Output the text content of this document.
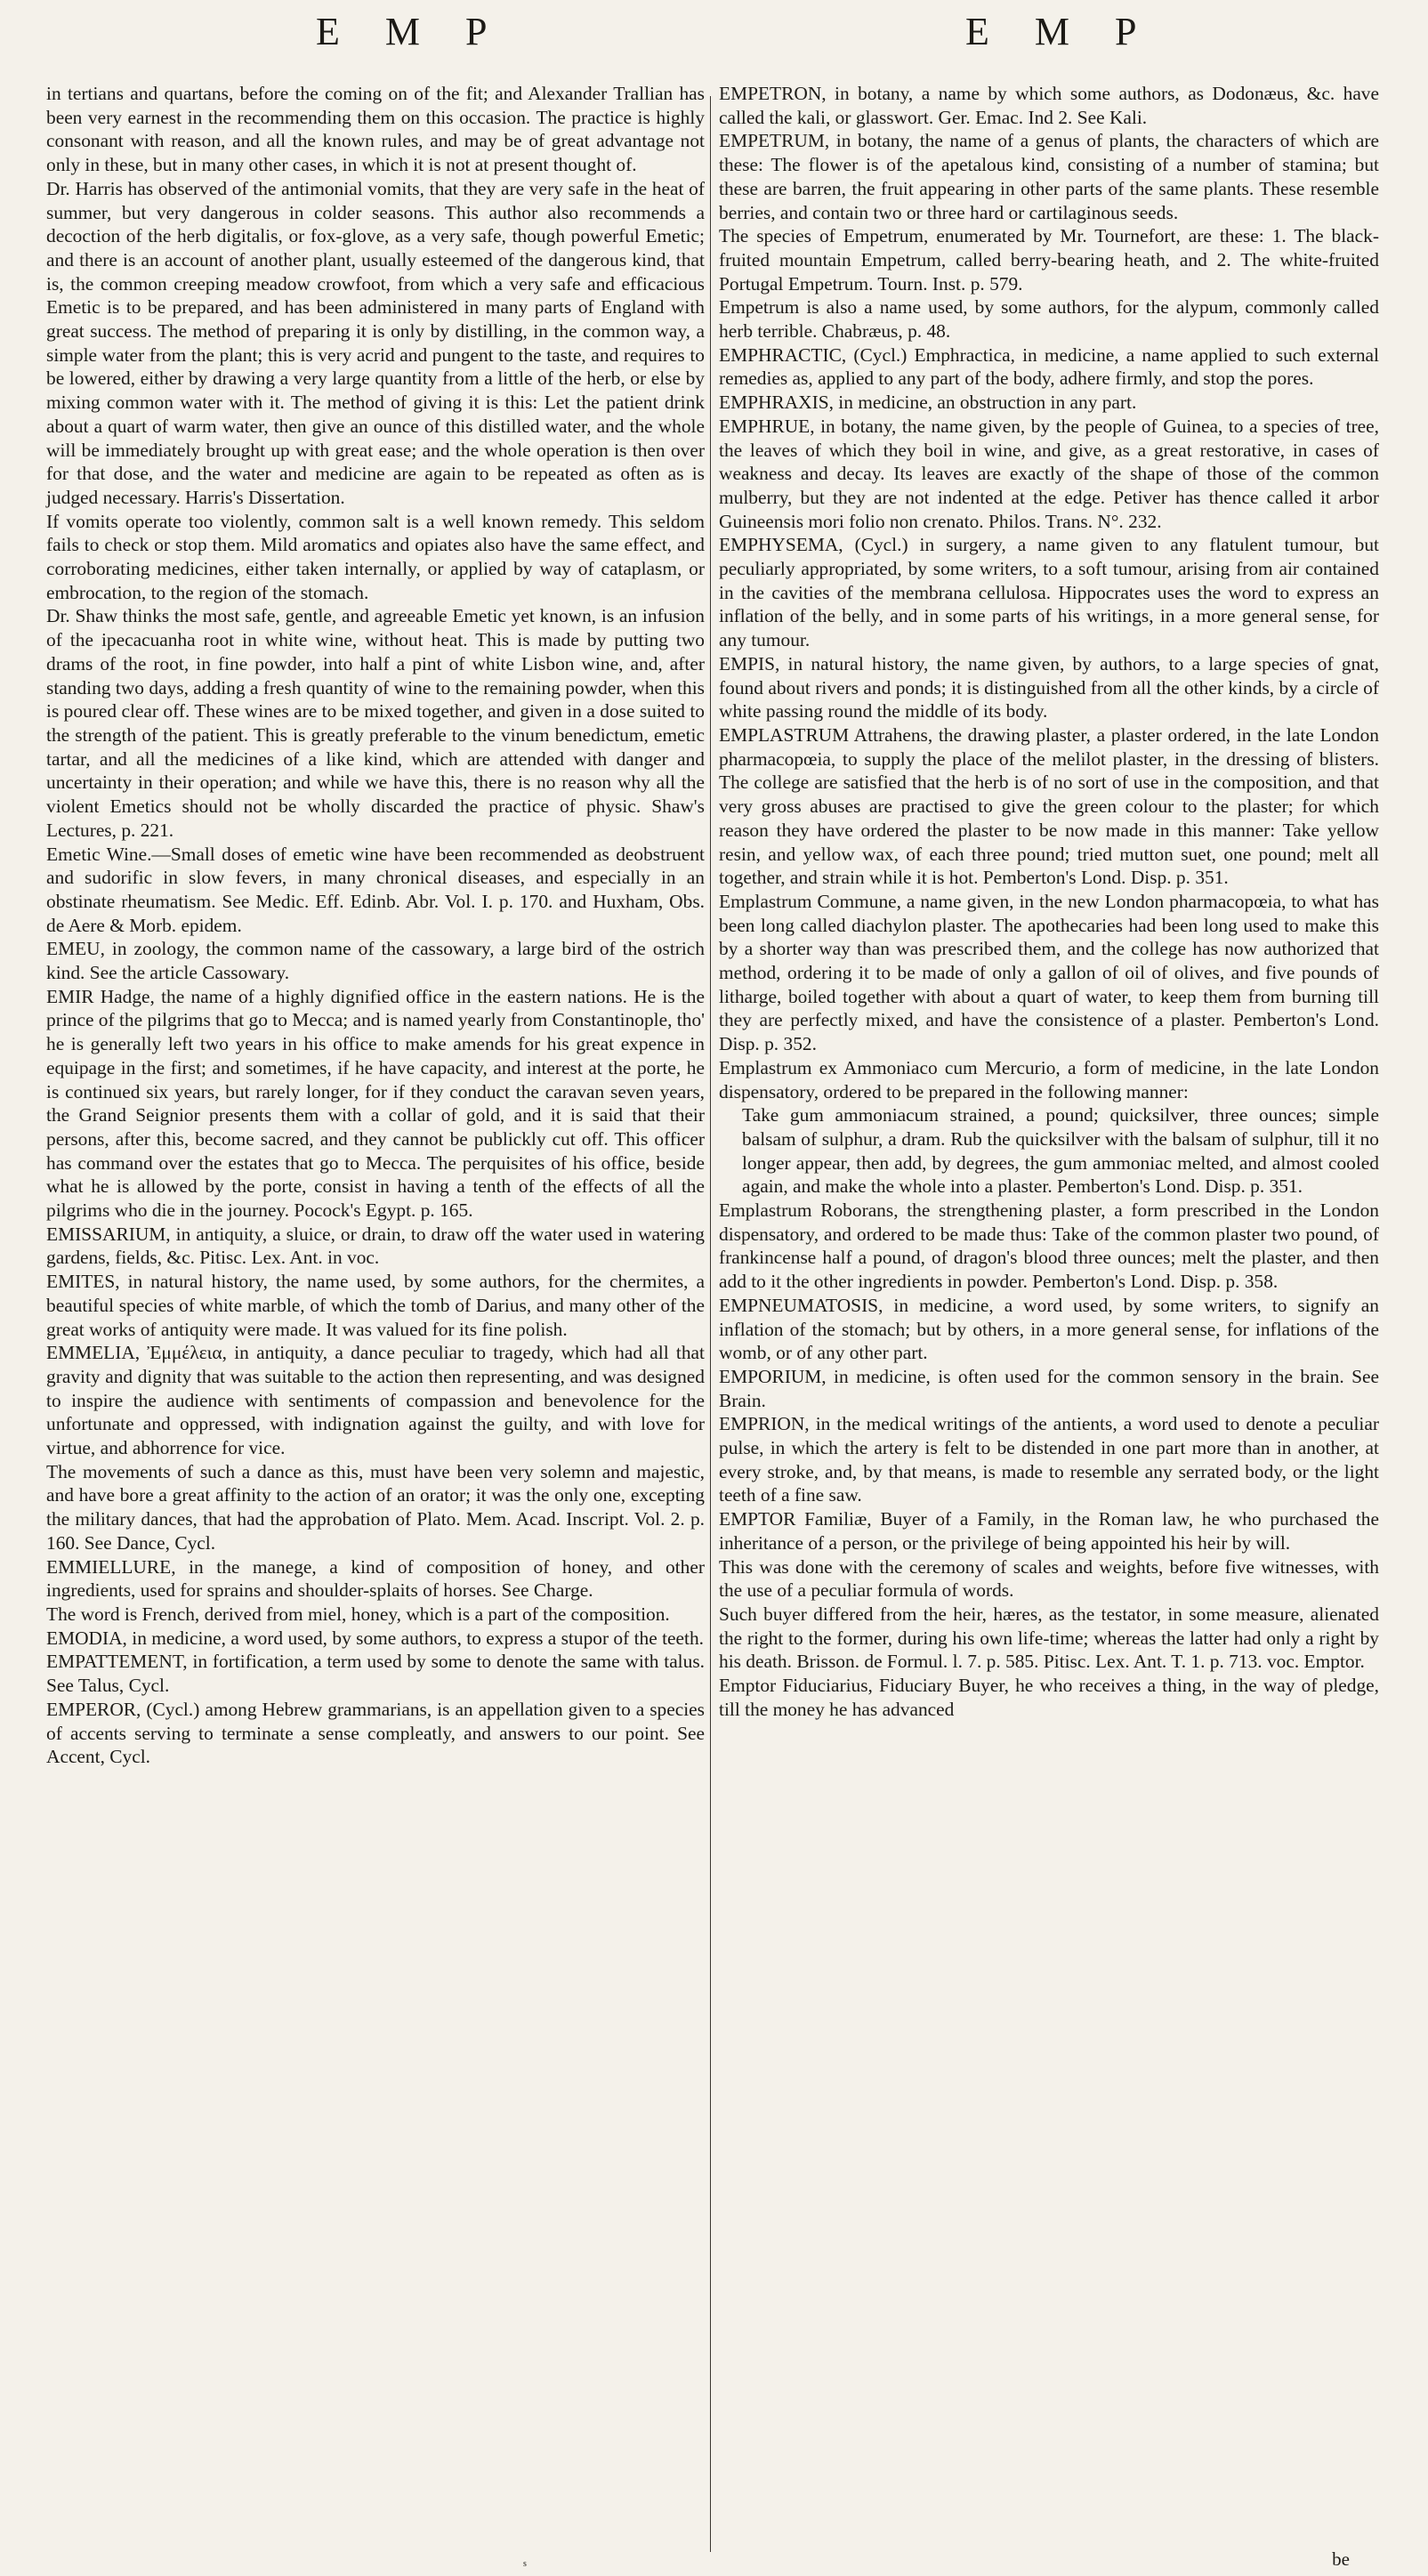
E M P	E M P

in tertians and quartans, before the coming on of the fit; and Alexander Trallian has been very earnest in the recommending them on this occasion. The practice is highly consonant with reason, and all the known rules, and may be of great advantage not only in these, but in many other cases, in which it is not at present thought of.

Dr. Harris has observed of the antimonial vomits, that they are very safe in the heat of summer, but very dangerous in colder seasons. This author also recommends a decoction of the herb digitalis, or fox-glove, as a very safe, though powerful Emetic; and there is an account of another plant, usually esteemed of the dangerous kind, that is, the common creeping meadow crowfoot, from which a very safe and efficacious Emetic is to be prepared, and has been administered in many parts of England with great success. The method of preparing it is only by distilling, in the common way, a simple water from the plant; this is very acrid and pungent to the taste, and requires to be lowered, either by drawing a very large quantity from a little of the herb, or else by mixing common water with it. The method of giving it is this: Let the patient drink about a quart of warm water, then give an ounce of this distilled water, and the whole will be immediately brought up with great ease; and the whole operation is then over for that dose, and the water and medicine are again to be repeated as often as is judged necessary. Harris's Dissertation.

If vomits operate too violently, common salt is a well known remedy. This seldom fails to check or stop them. Mild aromatics and opiates also have the same effect, and corroborating medicines, either taken internally, or applied by way of cataplasm, or embrocation, to the region of the stomach.

Dr. Shaw thinks the most safe, gentle, and agreeable Emetic yet known, is an infusion of the ipecacuanha root in white wine, without heat. This is made by putting two drams of the root, in fine powder, into half a pint of white Lisbon wine, and, after standing two days, adding a fresh quantity of wine to the remaining powder, when this is poured clear off. These wines are to be mixed together, and given in a dose suited to the strength of the patient. This is greatly preferable to the vinum benedictum, emetic tartar, and all the medicines of a like kind, which are attended with danger and uncertainty in their operation; and while we have this, there is no reason why all the violent Emetics should not be wholly discarded the practice of physic. Shaw's Lectures, p. 221.

Emetic Wine.—Small doses of emetic wine have been recommended as deobstruent and sudorific in slow fevers, in many chronical diseases, and especially in an obstinate rheumatism. See Medic. Eff. Edinb. Abr. Vol. I. p. 170. and Huxham, Obs. de Aere & Morb. epidem.

EMEU, in zoology, the common name of the cassowary, a large bird of the ostrich kind. See the article Cassowary.

EMIR Hadge, the name of a highly dignified office in the eastern nations. He is the prince of the pilgrims that go to Mecca; and is named yearly from Constantinople, tho' he is generally left two years in his office to make amends for his great expence in equipage in the first; and sometimes, if he have capacity, and interest at the porte, he is continued six years, but rarely longer, for if they conduct the caravan seven years, the Grand Seignior presents them with a collar of gold, and it is said that their persons, after this, become sacred, and they cannot be publickly cut off. This officer has command over the estates that go to Mecca. The perquisites of his office, beside what he is allowed by the porte, consist in having a tenth of the effects of all the pilgrims who die in the journey. Pocock's Egypt. p. 165.

EMISSARIUM, in antiquity, a sluice, or drain, to draw off the water used in watering gardens, fields, &c. Pitisc. Lex. Ant. in voc.

EMITES, in natural history, the name used, by some authors, for the chermites, a beautiful species of white marble, of which the tomb of Darius, and many other of the great works of antiquity were made. It was valued for its fine polish.

EMMELIA, Ἐμμέλεια, in antiquity, a dance peculiar to tragedy, which had all that gravity and dignity that was suitable to the action then representing, and was designed to inspire the audience with sentiments of compassion and benevolence for the unfortunate and oppressed, with indignation against the guilty, and with love for virtue, and abhorrence for vice.

The movements of such a dance as this, must have been very solemn and majestic, and have bore a great affinity to the action of an orator; it was the only one, excepting the military dances, that had the approbation of Plato. Mem. Acad. Inscript. Vol. 2. p. 160. See Dance, Cycl.

EMMIELLURE, in the manege, a kind of composition of honey, and other ingredients, used for sprains and shoulder-splaits of horses. See Charge.

The word is French, derived from miel, honey, which is a part of the composition.

EMODIA, in medicine, a word used, by some authors, to express a stupor of the teeth.

EMPATTEMENT, in fortification, a term used by some to denote the same with talus. See Talus, Cycl.

EMPEROR, (Cycl.) among Hebrew grammarians, is an appellation given to a species of accents serving to terminate a sense compleatly, and answers to our point. See Accent, Cycl.

EMPETRON, in botany, a name by which some authors, as Dodonæus, &c. have called the kali, or glasswort. Ger. Emac. Ind 2. See Kali.

EMPETRUM, in botany, the name of a genus of plants, the characters of which are these: The flower is of the apetalous kind, consisting of a number of stamina; but these are barren, the fruit appearing in other parts of the same plants. These resemble berries, and contain two or three hard or cartilaginous seeds.

The species of Empetrum, enumerated by Mr. Tournefort, are these: 1. The black-fruited mountain Empetrum, called berry-bearing heath, and 2. The white-fruited Portugal Empetrum. Tourn. Inst. p. 579.

Empetrum is also a name used, by some authors, for the alypum, commonly called herb terrible. Chabræus, p. 48.

EMPHRACTIC, (Cycl.) Emphractica, in medicine, a name applied to such external remedies as, applied to any part of the body, adhere firmly, and stop the pores.

EMPHRAXIS, in medicine, an obstruction in any part.

EMPHRUE, in botany, the name given, by the people of Guinea, to a species of tree, the leaves of which they boil in wine, and give, as a great restorative, in cases of weakness and decay. Its leaves are exactly of the shape of those of the common mulberry, but they are not indented at the edge. Petiver has thence called it arbor Guineensis mori folio non crenato. Philos. Trans. N°. 232.

EMPHYSEMA, (Cycl.) in surgery, a name given to any flatulent tumour, but peculiarly appropriated, by some writers, to a soft tumour, arising from air contained in the cavities of the membrana cellulosa. Hippocrates uses the word to express an inflation of the belly, and in some parts of his writings, in a more general sense, for any tumour.

EMPIS, in natural history, the name given, by authors, to a large species of gnat, found about rivers and ponds; it is distinguished from all the other kinds, by a circle of white passing round the middle of its body.

EMPLASTRUM Attrahens, the drawing plaster, a plaster ordered, in the late London pharmacopœia, to supply the place of the melilot plaster, in the dressing of blisters. The college are satisfied that the herb is of no sort of use in the composition, and that very gross abuses are practised to give the green colour to the plaster; for which reason they have ordered the plaster to be now made in this manner: Take yellow resin, and yellow wax, of each three pound; tried mutton suet, one pound; melt all together, and strain while it is hot. Pemberton's Lond. Disp. p. 351.

Emplastrum Commune, a name given, in the new London pharmacopœia, to what has been long called diachylon plaster. The apothecaries had been long used to make this by a shorter way than was prescribed them, and the college has now authorized that method, ordering it to be made of only a gallon of oil of olives, and five pounds of litharge, boiled together with about a quart of water, to keep them from burning till they are perfectly mixed, and have the consistence of a plaster. Pemberton's Lond. Disp. p. 352.

Emplastrum ex Ammoniaco cum Mercurio, a form of medicine, in the late London dispensatory, ordered to be prepared in the following manner:

Take gum ammoniacum strained, a pound; quicksilver, three ounces; simple balsam of sulphur, a dram. Rub the quicksilver with the balsam of sulphur, till it no longer appear, then add, by degrees, the gum ammoniac melted, and almost cooled again, and make the whole into a plaster. Pemberton's Lond. Disp. p. 351.

Emplastrum Roborans, the strengthening plaster, a form prescribed in the London dispensatory, and ordered to be made thus: Take of the common plaster two pound, of frankincense half a pound, of dragon's blood three ounces; melt the plaster, and then add to it the other ingredients in powder. Pemberton's Lond. Disp. p. 358.

EMPNEUMATOSIS, in medicine, a word used, by some writers, to signify an inflation of the stomach; but by others, in a more general sense, for inflations of the womb, or of any other part.

EMPORIUM, in medicine, is often used for the common sensory in the brain. See Brain.

EMPRION, in the medical writings of the antients, a word used to denote a peculiar pulse, in which the artery is felt to be distended in one part more than in another, at every stroke, and, by that means, is made to resemble any serrated body, or the light teeth of a fine saw.

EMPTOR Familiæ, Buyer of a Family, in the Roman law, he who purchased the inheritance of a person, or the privilege of being appointed his heir by will.

This was done with the ceremony of scales and weights, before five witnesses, with the use of a peculiar formula of words.

Such buyer differed from the heir, hæres, as the testator, in some measure, alienated the right to the former, during his own life-time; whereas the latter had only a right by his death. Brisson. de Formul. l. 7. p. 585. Pitisc. Lex. Ant. T. 1. p. 713. voc. Emptor.

Emptor Fiduciarius, Fiduciary Buyer, he who receives a thing, in the way of pledge, till the money he has advanced

s	be
